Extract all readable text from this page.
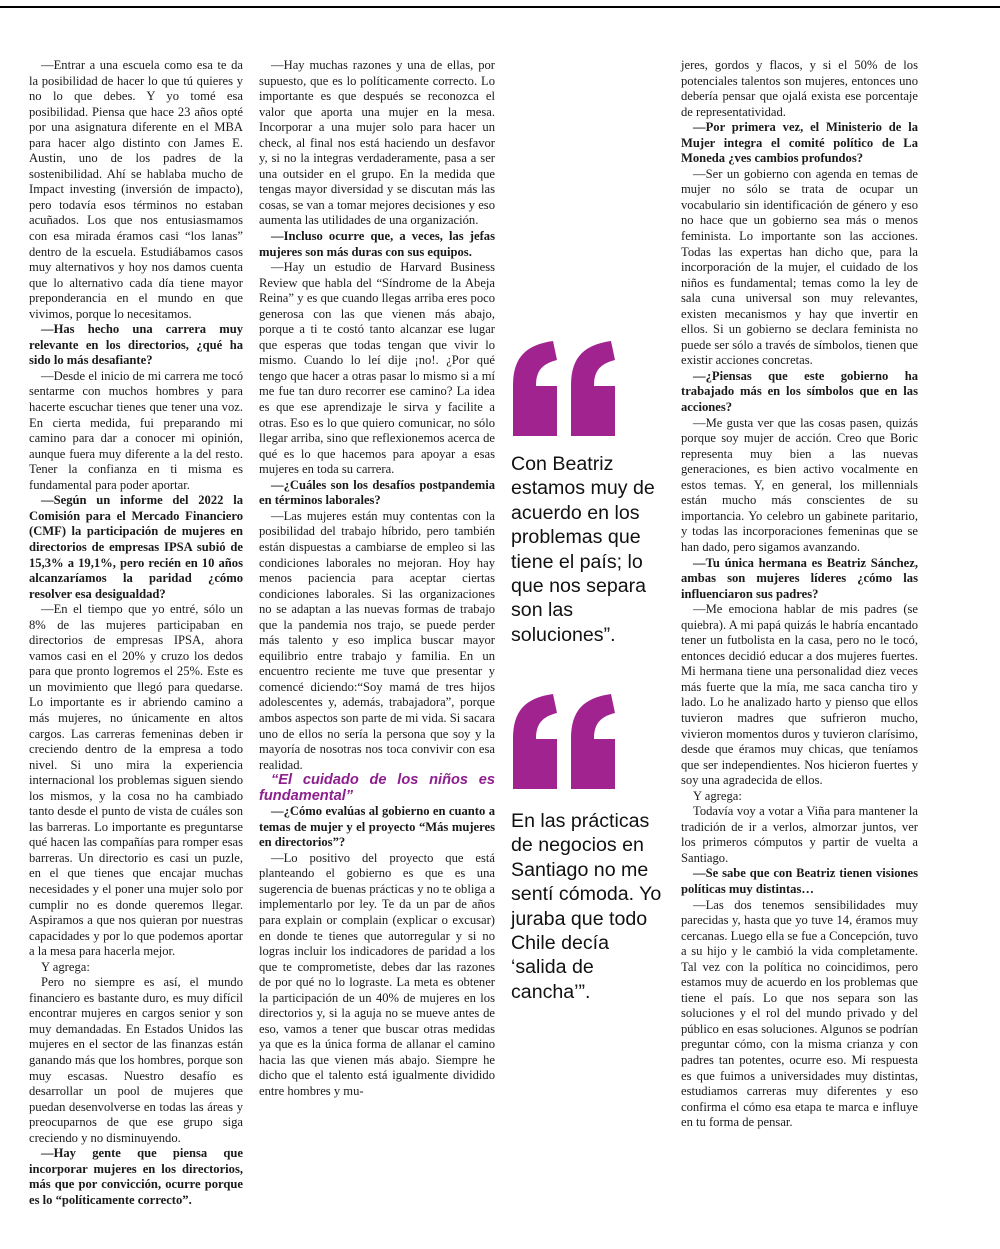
—Entrar a una escuela como esa te da la posibilidad de hacer lo que tú quieres y no lo que debes. Y yo tomé esa posibilidad. Piensa que hace 23 años opté por una asignatura diferente en el MBA para hacer algo distinto con James E. Austin, uno de los padres de la sostenibilidad. Ahí se hablaba mucho de Impact investing (inversión de impacto), pero todavía esos términos no estaban acuñados. Los que nos entusiasmamos con esa mirada éramos casi “los lanas” dentro de la escuela. Estudiábamos casos muy alternativos y hoy nos damos cuenta que lo alternativo cada día tiene mayor preponderancia en el mundo en que vivimos, porque lo necesitamos.

—Has hecho una carrera muy relevante en los directorios, ¿qué ha sido lo más desafiante?

—Desde el inicio de mi carrera me tocó sentarme con muchos hombres y para hacerte escuchar tienes que tener una voz. En cierta medida, fui preparando mi camino para dar a conocer mi opinión, aunque fuera muy diferente a la del resto. Tener la confianza en ti misma es fundamental para poder aportar.

—Según un informe del 2022 la Comisión para el Mercado Financiero (CMF) la participación de mujeres en directorios de empresas IPSA subió de 15,3% a 19,1%, pero recién en 10 años alcanzaríamos la paridad ¿cómo resolver esa desigualdad?

—En el tiempo que yo entré, sólo un 8% de las mujeres participaban en directorios de empresas IPSA, ahora vamos casi en el 20% y cruzo los dedos para que pronto logremos el 25%. Este es un movimiento que llegó para quedarse. Lo importante es ir abriendo camino a más mujeres, no únicamente en altos cargos. Las carreras femeninas deben ir creciendo dentro de la empresa a todo nivel. Si uno mira la experiencia internacional los problemas siguen siendo los mismos, y la cosa no ha cambiado tanto desde el punto de vista de cuáles son las barreras. Lo importante es preguntarse qué hacen las compañías para romper esas barreras. Un directorio es casi un puzle, en el que tienes que encajar muchas necesidades y el poner una mujer solo por cumplir no es donde queremos llegar. Aspiramos a que nos quieran por nuestras capacidades y por lo que podemos aportar a la mesa para hacerla mejor.

Y agrega:

Pero no siempre es así, el mundo financiero es bastante duro, es muy difícil encontrar mujeres en cargos senior y son muy demandadas. En Estados Unidos las mujeres en el sector de las finanzas están ganando más que los hombres, porque son muy escasas. Nuestro desafío es desarrollar un pool de mujeres que puedan desenvolverse en todas las áreas y preocuparnos de que ese grupo siga creciendo y no disminuyendo.

—Hay gente que piensa que incorporar mujeres en los directorios, más que por convicción, ocurre porque es lo “políticamente correcto”.

—Hay muchas razones y una de ellas, por supuesto, que es lo políticamente correcto. Lo importante es que después se reconozca el valor que aporta una mujer en la mesa. Incorporar a una mujer solo para hacer un check, al final nos está haciendo un desfavor y, si no la integras verdaderamente, pasa a ser una outsider en el grupo. En la medida que tengas mayor diversidad y se discutan más las cosas, se van a tomar mejores decisiones y eso aumenta las utilidades de una organización.

—Incluso ocurre que, a veces, las jefas mujeres son más duras con sus equipos.

—Hay un estudio de Harvard Business Review que habla del “Síndrome de la Abeja Reina” y es que cuando llegas arriba eres poco generosa con las que vienen más abajo, porque a ti te costó tanto alcanzar ese lugar que esperas que todas tengan que vivir lo mismo. Cuando lo leí dije ¡no!. ¿Por qué tengo que hacer a otras pasar lo mismo si a mí me fue tan duro recorrer ese camino? La idea es que ese aprendizaje le sirva y facilite a otras. Eso es lo que quiero comunicar, no sólo llegar arriba, sino que reflexionemos acerca de qué es lo que hacemos para apoyar a esas mujeres en toda su carrera.

—¿Cuáles son los desafíos postpandemia en términos laborales?

—Las mujeres están muy contentas con la posibilidad del trabajo híbrido, pero también están dispuestas a cambiarse de empleo si las condiciones laborales no mejoran. Hoy hay menos paciencia para aceptar ciertas condiciones laborales. Si las organizaciones no se adaptan a las nuevas formas de trabajo que la pandemia nos trajo, se puede perder más talento y eso implica buscar mayor equilibrio entre trabajo y familia. En un encuentro reciente me tuve que presentar y comencé diciendo:“Soy mamá de tres hijos adolescentes y, además, trabajadora”, porque ambos aspectos son parte de mi vida. Si sacara uno de ellos no sería la persona que soy y la mayoría de nosotras nos toca convivir con esa realidad.

“El cuidado de los niños es fundamental”

—¿Cómo evalúas al gobierno en cuanto a temas de mujer y el proyecto “Más mujeres en directorios”?

—Lo positivo del proyecto que está planteando el gobierno es que es una sugerencia de buenas prácticas y no te obliga a implementarlo por ley. Te da un par de años para explain or complain (explicar o excusar) en donde te tienes que autorregular y si no logras incluir los indicadores de paridad a los que te comprometiste, debes dar las razones de por qué no lo lograste. La meta es obtener la participación de un 40% de mujeres en los directorios y, si la aguja no se mueve antes de eso, vamos a tener que buscar otras medidas ya que es la única forma de allanar el camino hacia las que vienen más abajo. Siempre he dicho que el talento está igualmente dividido entre hombres y mu-

Con Beatriz estamos muy de acuerdo en los problemas que tiene el país; lo que nos separa son las soluciones”.

En las prácticas de negocios en Santiago no me sentí cómoda. Yo juraba que todo Chile decía ‘salida de cancha’”.

jeres, gordos y flacos, y si el 50% de los potenciales talentos son mujeres, entonces uno debería pensar que ojalá exista ese porcentaje de representatividad.

—Por primera vez, el Ministerio de la Mujer integra el comité político de La Moneda ¿ves cambios profundos?

—Ser un gobierno con agenda en temas de mujer no sólo se trata de ocupar un vocabulario sin identificación de género y eso no hace que un gobierno sea más o menos feminista. Lo importante son las acciones. Todas las expertas han dicho que, para la incorporación de la mujer, el cuidado de los niños es fundamental; temas como la ley de sala cuna universal son muy relevantes, existen mecanismos y hay que invertir en ellos. Si un gobierno se declara feminista no puede ser sólo a través de símbolos, tienen que existir acciones concretas.

—¿Piensas que este gobierno ha trabajado más en los símbolos que en las acciones?

—Me gusta ver que las cosas pasen, quizás porque soy mujer de acción. Creo que Boric representa muy bien a las nuevas generaciones, es bien activo vocalmente en estos temas. Y, en general, los millennials están mucho más conscientes de su importancia. Yo celebro un gabinete paritario, y todas las incorporaciones femeninas que se han dado, pero sigamos avanzando.

—Tu única hermana es Beatriz Sánchez, ambas son mujeres líderes ¿cómo las influenciaron sus padres?

—Me emociona hablar de mis padres (se quiebra). A mi papá quizás le habría encantado tener un futbolista en la casa, pero no le tocó, entonces decidió educar a dos mujeres fuertes. Mi hermana tiene una personalidad diez veces más fuerte que la mía, me saca cancha tiro y lado. Lo he analizado harto y pienso que ellos tuvieron madres que sufrieron mucho, vivieron momentos duros y tuvieron clarísimo, desde que éramos muy chicas, que teníamos que ser independientes. Nos hicieron fuertes y soy una agradecida de ellos.

Y agrega:

Todavía voy a votar a Viña para mantener la tradición de ir a verlos, almorzar juntos, ver los primeros cómputos y partir de vuelta a Santiago.

—Se sabe que con Beatriz tienen visiones políticas muy distintas…

—Las dos tenemos sensibilidades muy parecidas y, hasta que yo tuve 14, éramos muy cercanas. Luego ella se fue a Concepción, tuvo a su hijo y le cambió la vida completamente. Tal vez con la política no coincidimos, pero estamos muy de acuerdo en los problemas que tiene el país. Lo que nos separa son las soluciones y el rol del mundo privado y del público en esas soluciones. Algunos se podrían preguntar cómo, con la misma crianza y con padres tan potentes, ocurre eso. Mi respuesta es que fuimos a universidades muy distintas, estudiamos carreras muy diferentes y eso confirma el cómo esa etapa te marca e influye en tu forma de pensar.
